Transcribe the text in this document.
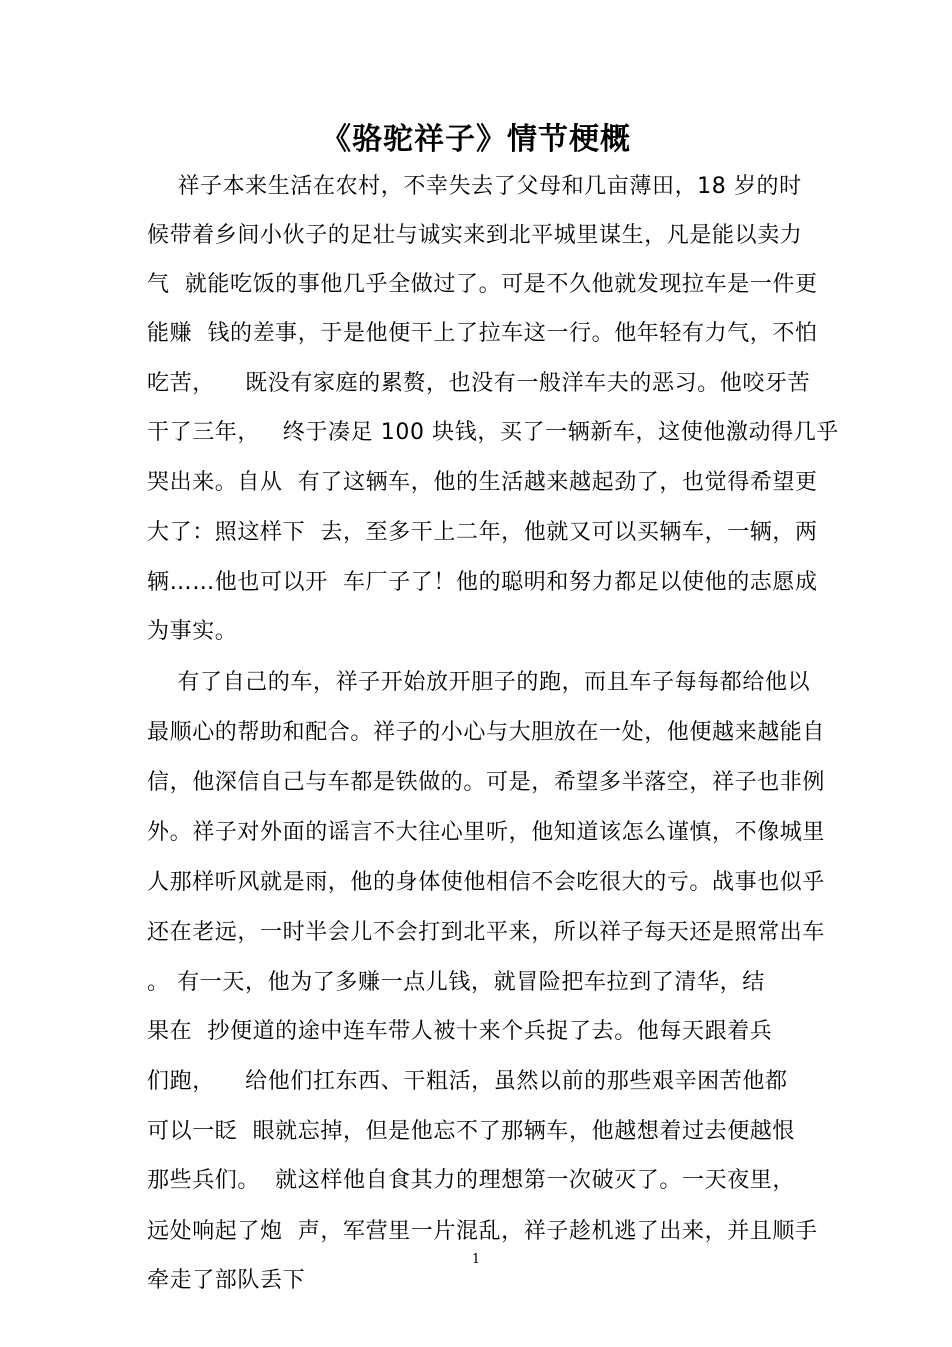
《骆驼祥子》情节梗概
祥子本来生活在农村，不幸失去了父母和几亩薄田，18 岁的时
候带着乡间小伙子的足壮与诚实来到北平城里谋生，凡是能以卖力
气  就能吃饭的事他几乎全做过了。可是不久他就发现拉车是一件更
能赚  钱的差事，于是他便干上了拉车这一行。他年轻有力气，不怕
吃苦，    既没有家庭的累赘，也没有一般洋车夫的恶习。他咬牙苦
干了三年，   终于凑足 100 块钱，买了一辆新车，这使他激动得几乎
哭出来。自从  有了这辆车，他的生活越来越起劲了，也觉得希望更
大了：照这样下  去，至多干上二年，他就又可以买辆车，一辆，两
辆……他也可以开  车厂子了！他的聪明和努力都足以使他的志愿成
为事实。
有了自己的车，祥子开始放开胆子的跑，而且车子每每都给他以
最顺心的帮助和配合。祥子的小心与大胆放在一处，他便越来越能自
信，他深信自己与车都是铁做的。可是，希望多半落空，祥子也非例
外。祥子对外面的谣言不大往心里听，他知道该怎么谨慎，不像城里
人那样听风就是雨，他的身体使他相信不会吃很大的亏。战事也似乎
还在老远，一时半会儿不会打到北平来，所以祥子每天还是照常出车
。 有一天，他为了多赚一点儿钱，就冒险把车拉到了清华，结
果在  抄便道的途中连车带人被十来个兵捉了去。他每天跟着兵
们跑，    给他们扛东西、干粗活，虽然以前的那些艰辛困苦他都
可以一眨  眼就忘掉，但是他忘不了那辆车，他越想着过去便越恨
那些兵们。  就这样他自食其力的理想第一次破灭了。一天夜里，
远处响起了炮  声，军营里一片混乱，祥子趁机逃了出来，并且顺手
牵走了部队丢下
1
